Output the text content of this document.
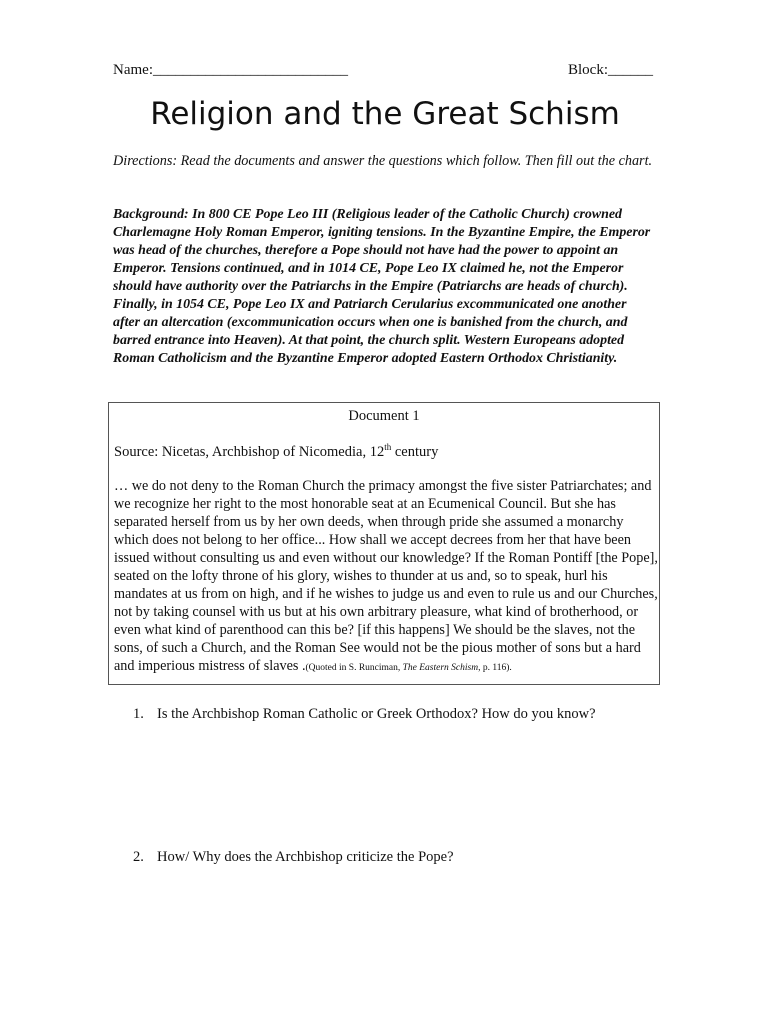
Name:__________________________	Block:______
Religion and the Great Schism

Directions: Read the documents and answer the questions which follow. Then fill out the chart.

Background: In 800 CE Pope Leo III (Religious leader of the Catholic Church) crowned Charlemagne Holy Roman Emperor, igniting tensions. In the Byzantine Empire, the Emperor was head of the churches, therefore a Pope should not have had the power to appoint an Emperor. Tensions continued, and in 1014 CE, Pope Leo IX claimed he, not the Emperor should have authority over the Patriarchs in the Empire (Patriarchs are heads of church). Finally, in 1054 CE, Pope Leo IX and Patriarch Cerularius excommunicated one another after an altercation (excommunication occurs when one is banished from the church, and barred entrance into Heaven). At that point, the church split. Western Europeans adopted Roman Catholicism and the Byzantine Emperor adopted Eastern Orthodox Christianity.

Document 1
Source: Nicetas, Archbishop of Nicomedia, 12th century

… we do not deny to the Roman Church the primacy amongst the five sister Patriarchates; and we recognize her right to the most honorable seat at an Ecumenical Council. But she has separated herself from us by her own deeds, when through pride she assumed a monarchy which does not belong to her office... How shall we accept decrees from her that have been issued without consulting us and even without our knowledge? If the Roman Pontiff [the Pope], seated on the lofty throne of his glory, wishes to thunder at us and, so to speak, hurl his mandates at us from on high, and if he wishes to judge us and even to rule us and our Churches, not by taking counsel with us but at his own arbitrary pleasure, what kind of brotherhood, or even what kind of parenthood can this be? [if this happens] We should be the slaves, not the sons, of such a Church, and the Roman See would not be the pious mother of sons but a hard and imperious mistress of slaves .(Quoted in S. Runciman, The Eastern Schism, p. 116).

1. Is the Archbishop Roman Catholic or Greek Orthodox? How do you know?
2. How/ Why does the Archbishop criticize the Pope?
